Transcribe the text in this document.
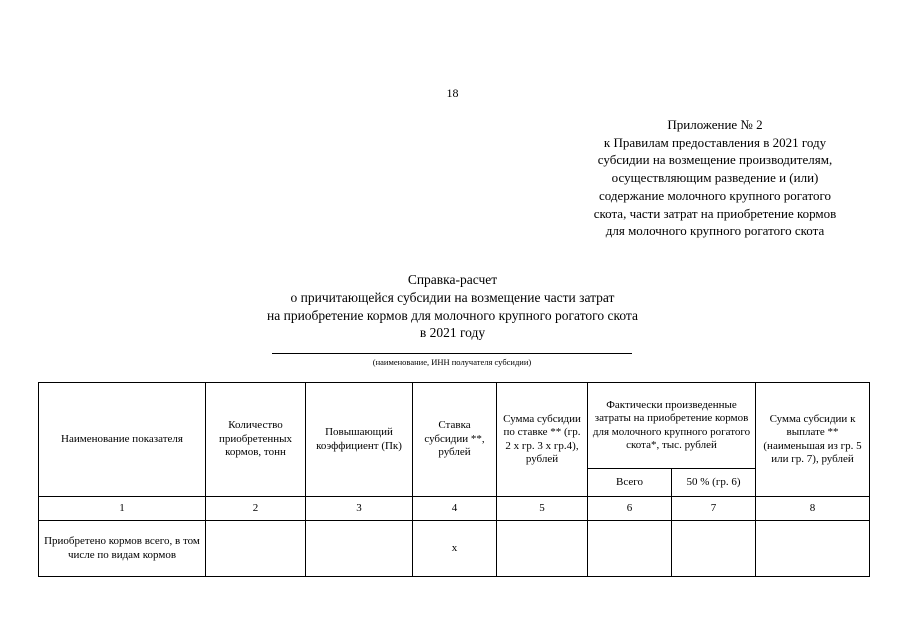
18
Приложение № 2
к Правилам предоставления в 2021 году
субсидии на возмещение производителям,
осуществляющим разведение и (или)
содержание молочного крупного рогатого
скота, части затрат на приобретение кормов
для молочного крупного рогатого скота
Справка-расчет
о причитающейся субсидии на возмещение части затрат
на приобретение кормов для молочного крупного рогатого скота
в 2021 году
(наименование, ИНН получателя субсидии)
Наименование показателя	Количество приобретенных кормов, тонн	Повышающий коэффициент (Пк)	Ставка субсидии **, рублей	Сумма субсидии по ставке ** (гр. 2 х гр. 3 х гр.4), рублей	Фактически произведенные затраты на приобретение кормов для молочного крупного рогатого скота*, тыс. рублей		Сумма субсидии к выплате ** (наименьшая из гр. 5 или гр. 7), рублей
					Всего	50 % (гр. 6)	
1	2	3	4	5	6	7	8
Приобретено кормов всего, в том числе по видам кормов			х				
